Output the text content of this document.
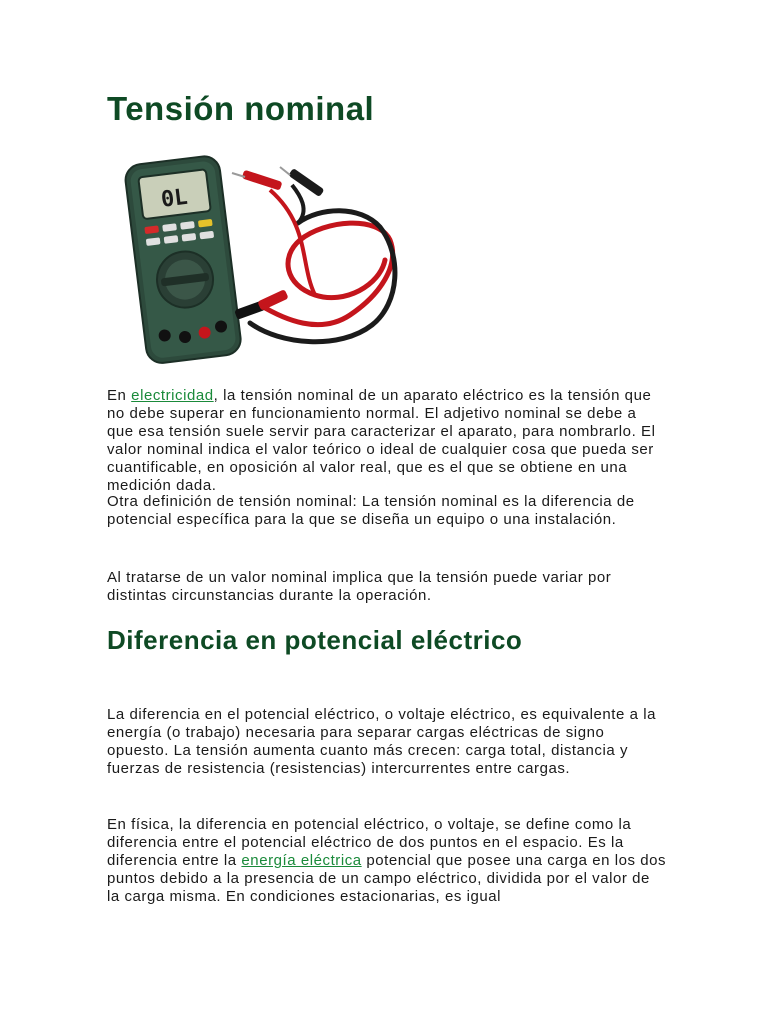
Tensión nominal
0L

En electricidad, la tensión nominal de un aparato eléctrico es la tensión que no debe superar en funcionamiento normal. El adjetivo nominal se debe a que esa tensión suele servir para caracterizar el aparato, para nombrarlo. El valor nominal indica el valor teórico o ideal de cualquier cosa que pueda ser cuantificable, en oposición al valor real, que es el que se obtiene en una medición dada.

Otra definición de tensión nominal: La tensión nominal es la diferencia de potencial específica para la que se diseña un equipo o una instalación.

Al tratarse de un valor nominal implica que la tensión puede variar por distintas circunstancias durante la operación.

Diferencia en potencial eléctrico

La diferencia en el potencial eléctrico, o voltaje eléctrico, es equivalente a la energía (o trabajo) necesaria para separar cargas eléctricas de signo opuesto. La tensión aumenta cuanto más crecen: carga total, distancia y fuerzas de resistencia (resistencias) intercurrentes entre cargas.

En física, la diferencia en potencial eléctrico, o voltaje, se define como la diferencia entre el potencial eléctrico de dos puntos en el espacio. Es la diferencia entre la energía eléctrica potencial que posee una carga en los dos puntos debido a la presencia de un campo eléctrico, dividida por el valor de la carga misma. En condiciones estacionarias, es igual
